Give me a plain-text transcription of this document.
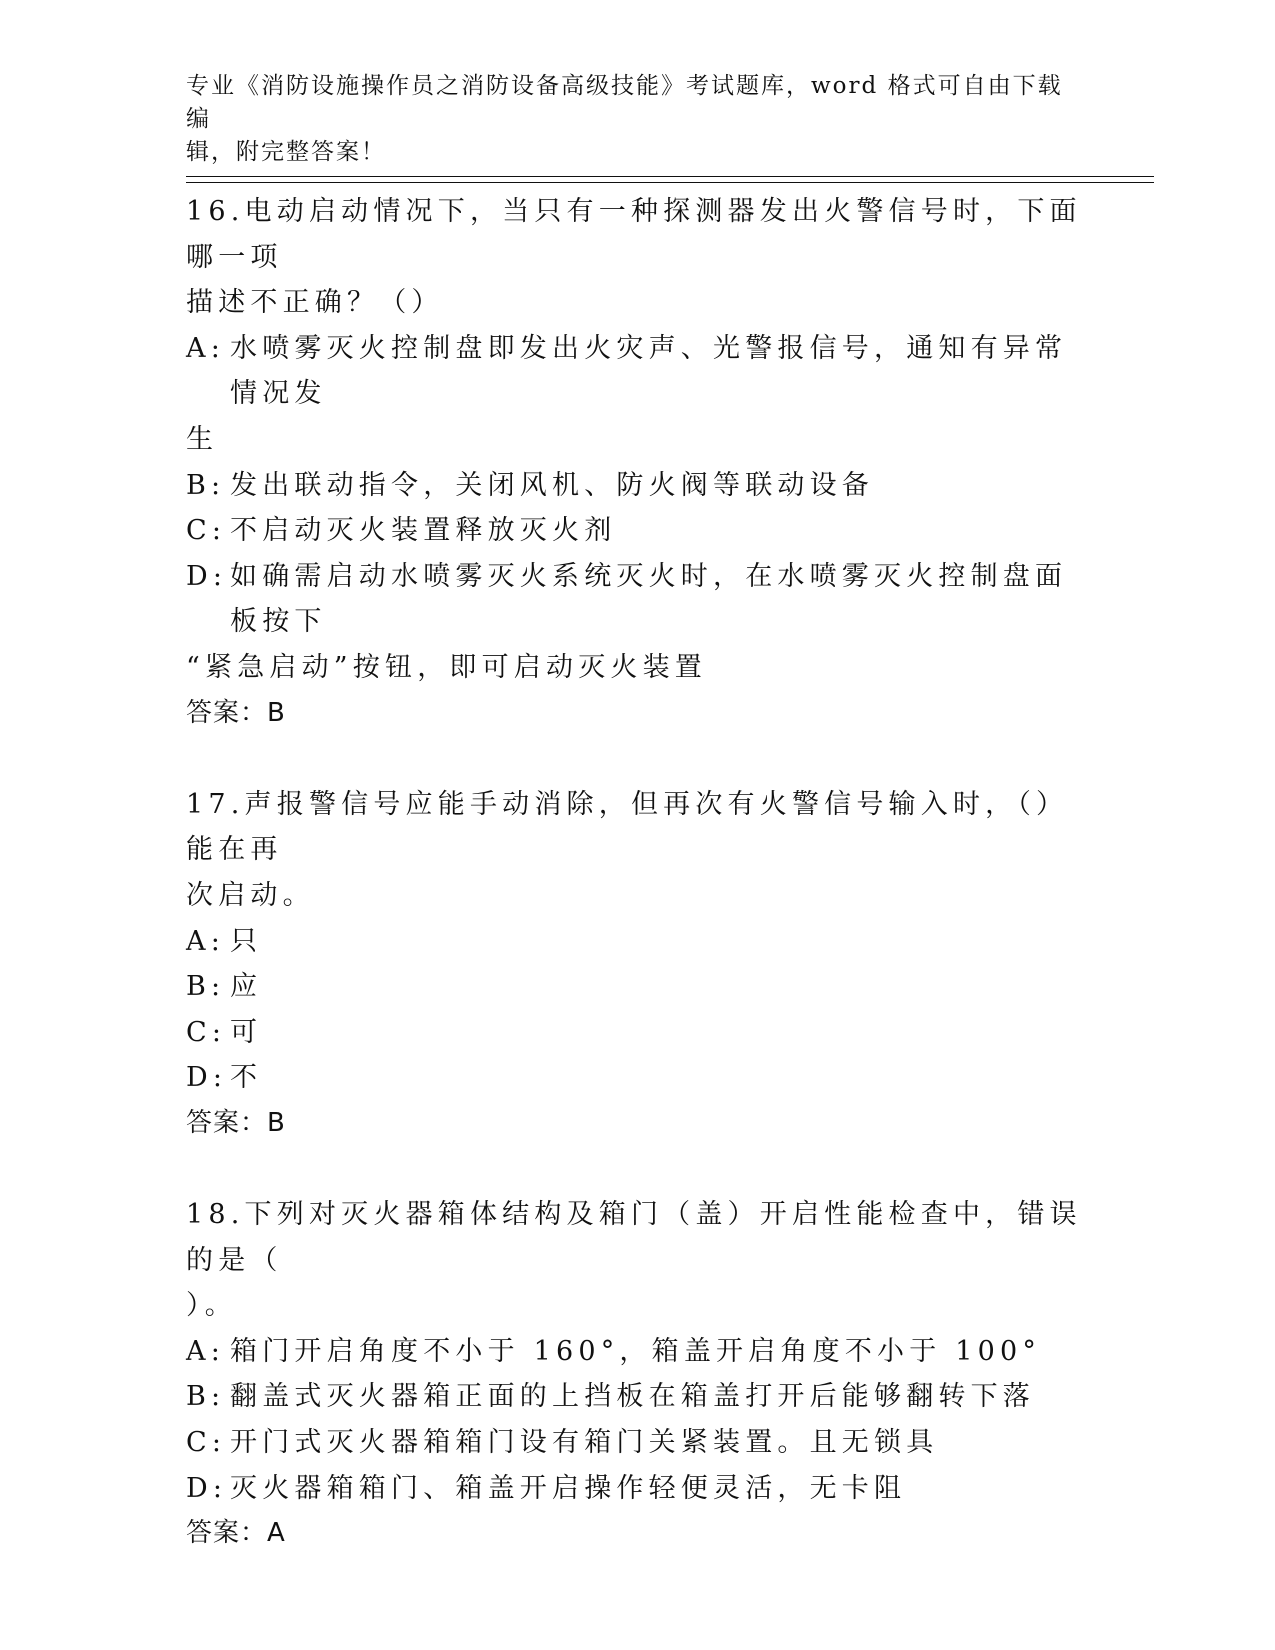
专业《消防设施操作员之消防设备高级技能》考试题库，word 格式可自由下载编
辑，附完整答案！
16.电动启动情况下，当只有一种探测器发出火警信号时，下面哪一项
描述不正确？（）
A: 水喷雾灭火控制盘即发出火灾声、光警报信号，通知有异常情况发
生
B: 发出联动指令，关闭风机、防火阀等联动设备
C: 不启动灭火装置释放灭火剂
D: 如确需启动水喷雾灭火系统灭火时，在水喷雾灭火控制盘面板按下
“紧急启动”按钮，即可启动灭火装置
答案：B
17.声报警信号应能手动消除，但再次有火警信号输入时，（）能在再
次启动。
A: 只
B: 应
C: 可
D: 不
答案：B
18.下列对灭火器箱体结构及箱门（盖）开启性能检查中，错误的是（
）。
A: 箱门开启角度不小于 160°，箱盖开启角度不小于 100°
B: 翻盖式灭火器箱正面的上挡板在箱盖打开后能够翻转下落
C: 开门式灭火器箱箱门设有箱门关紧装置。且无锁具
D: 灭火器箱箱门、箱盖开启操作轻便灵活，无卡阻
答案：A
